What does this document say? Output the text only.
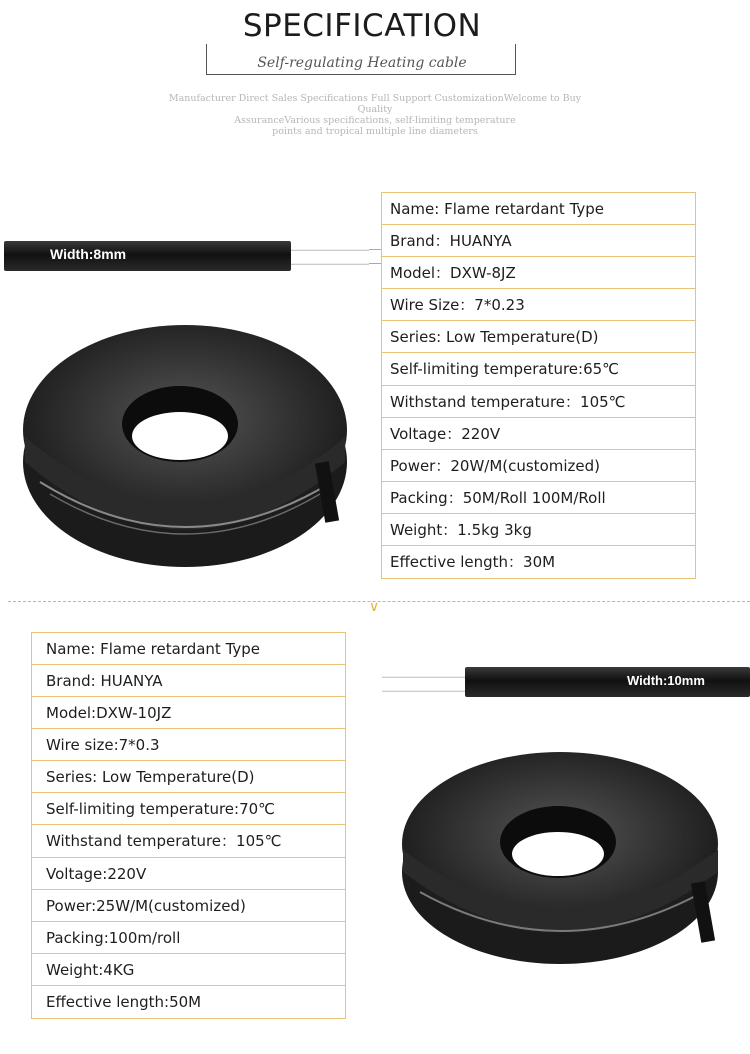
SPECIFICATION
Self-regulating Heating cable
Manufacturer Direct Sales Specifications Full Support CustomizationWelcome to Buy Quality
AssuranceVarious specifications, self-limiting temperature
points and tropical multiple line diameters
Width:8mm
Name: Flame retardant Type
Brand：HUANYA
Model：DXW-8JZ
Wire Size：7*0.23
Series: Low Temperature(D)
Self-limiting temperature:65℃
Withstand temperature：105℃
Voltage：220V
Power：20W/M(customized)
Packing：50M/Roll 100M/Roll
Weight：1.5kg 3kg
Effective length：30M
∨
Name: Flame retardant Type
Brand: HUANYA
Model:DXW-10JZ
Wire size:7*0.3
Series: Low Temperature(D)
Self-limiting temperature:70℃
Withstand temperature：105℃
Voltage:220V
Power:25W/M(customized)
Packing:100m/roll
Weight:4KG
Effective length:50M
Width:10mm
